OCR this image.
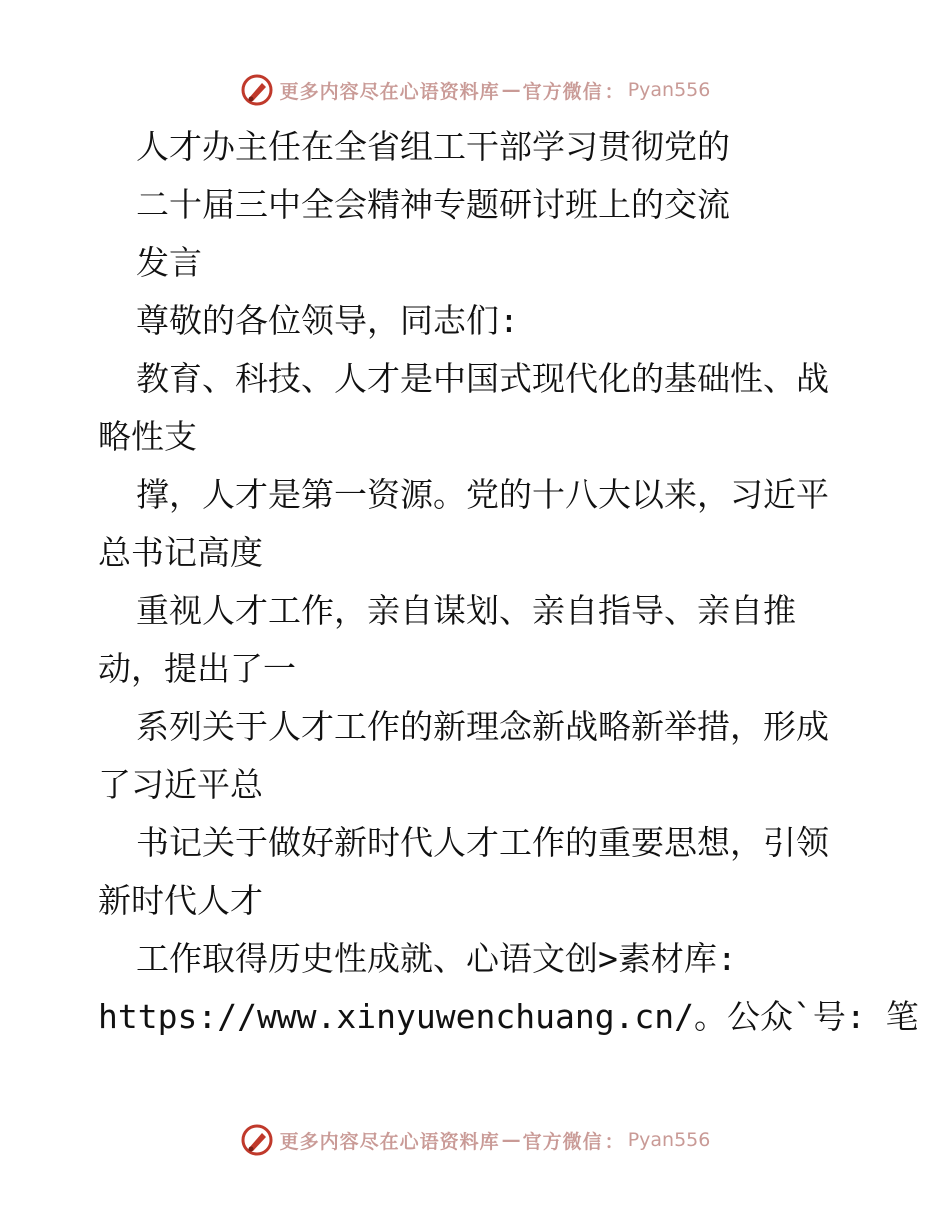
更多内容尽在心语资料库 — 官方微信 ： Pyan556
人才办主任在全省组工干部学习贯彻党的
二十届三中全会精神专题研讨班上的交流
发言
尊敬的各位领导，同志们:
教育、科技、人才是中国式现代化的基础性、战
略性支
撑，人才是第一资源。党的十八大以来，习近平
总书记高度
重视人才工作，亲自谋划、亲自指导、亲自推
动，提出了一
系列关于人才工作的新理念新战略新举措，形成
了习近平总
书记关于做好新时代人才工作的重要思想，引领
新时代人才
工作取得历史性成就、心语文创>素材库:
https://www.xinyuwenchuang.cn/。公众`号: 笔
更多内容尽在心语资料库 — 官方微信 ： Pyan556
